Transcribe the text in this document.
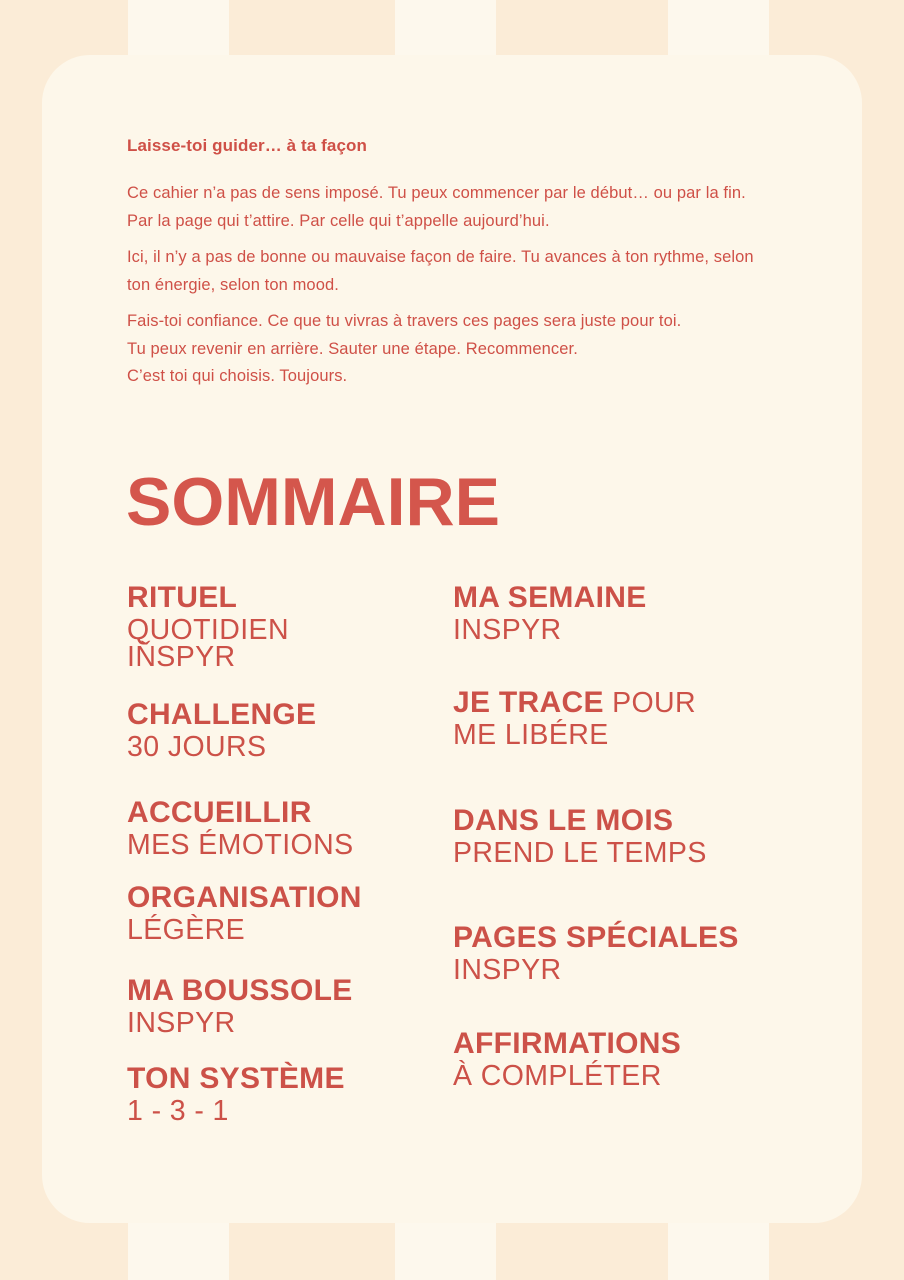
Laisse-toi guider… à ta façon
Ce cahier n’a pas de sens imposé. Tu peux commencer par le début… ou par la fin.
Par la page qui t’attire. Par celle qui t’appelle aujourd’hui.
Ici, il n’y a pas de bonne ou mauvaise façon de faire. Tu avances à ton rythme, selon
ton énergie, selon ton mood.
Fais-toi confiance. Ce que tu vivras à travers ces pages sera juste pour toi.
Tu peux revenir en arrière. Sauter une étape. Recommencer.
C’est toi qui choisis. Toujours.
SOMMAIRE
RITUEL
QUOTIDIEN
IŇSPYR
CHALLENGE
30 JOURS
ACCUEILLIR
MES ÉMOTIONS
ORGANISATION
LÉGÈRE
MA BOUSSOLE
INSPYR
TON SYSTÈME
1 - 3 - 1
MA SEMAINE
INSPYR
JE TRACE POUR
ME LIBÉRE
DANS LE MOIS
PREND LE TEMPS
PAGES SPÉCIALES
INSPYR
AFFIRMATIONS
À COMPLÉTER
